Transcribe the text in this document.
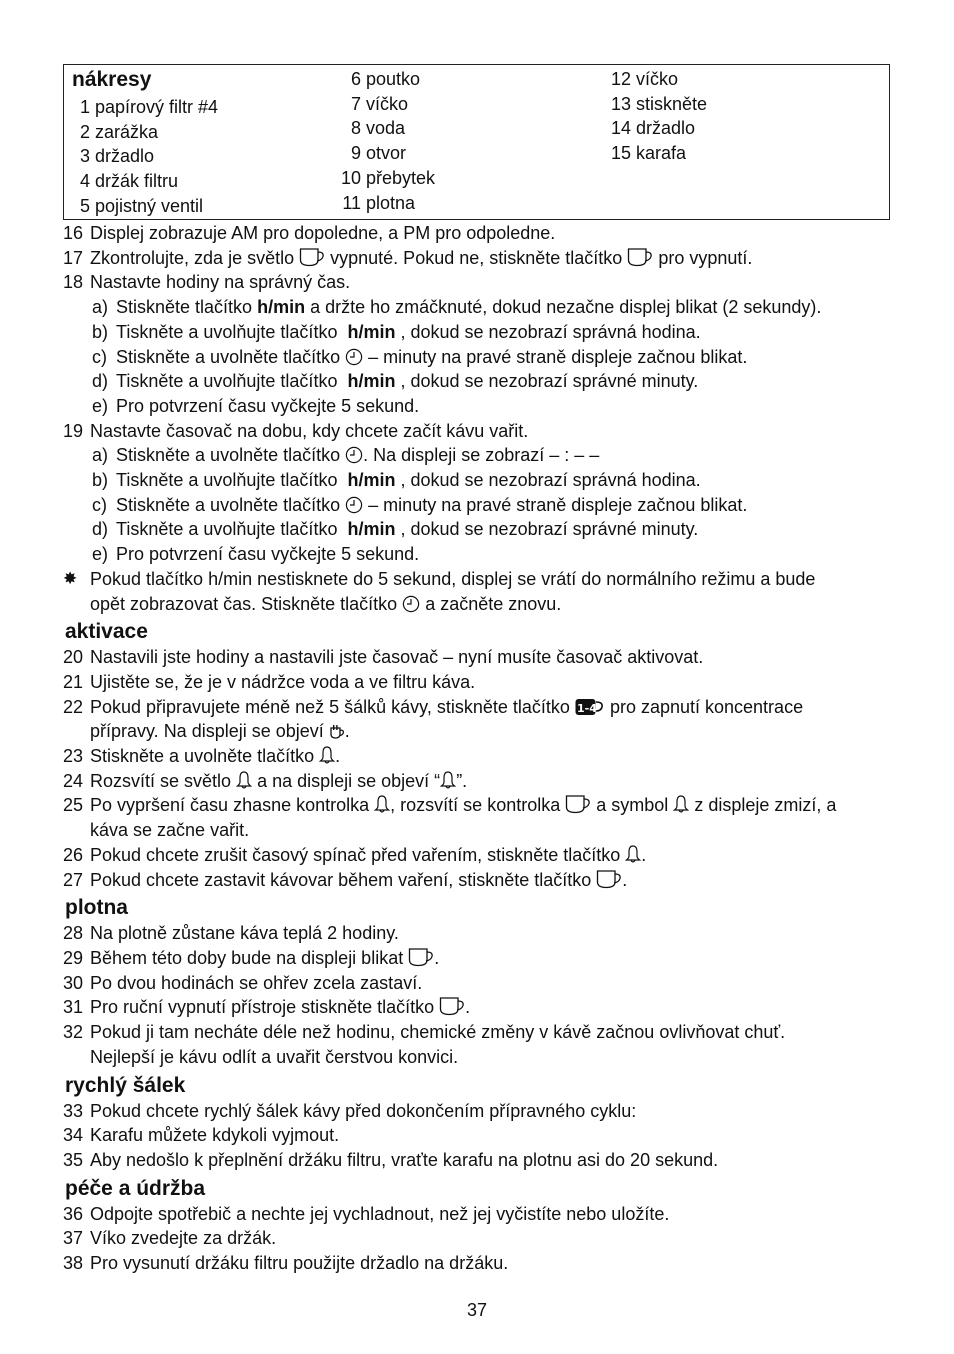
nákresy
1 papírový filtr #4
2 zarážka
3 držadlo
4 držák filtru
5 pojistný ventil
6 poutko
7 víčko
8 voda
9 otvor
10 přebytek
11 plotna
12 víčko
13 stiskněte
14 držadlo
15 karafa
16 Displej zobrazuje AM pro dopoledne, a PM pro odpoledne.
17 Zkontrolujte, zda je světlo vypnuté. Pokud ne, stiskněte tlačítko pro vypnutí.
18 Nastavte hodiny na správný čas.
a) Stiskněte tlačítko h/min a držte ho zmáčknuté, dokud nezačne displej blikat (2 sekundy).
b) Tiskněte a uvolňujte tlačítko h/min , dokud se nezobrazí správná hodina.
c) Stiskněte a uvolněte tlačítko – minuty na pravé straně displeje začnou blikat.
d) Tiskněte a uvolňujte tlačítko h/min , dokud se nezobrazí správné minuty.
e) Pro potvrzení času vyčkejte 5 sekund.
19 Nastavte časovač na dobu, kdy chcete začít kávu vařit.
a) Stiskněte a uvolněte tlačítko . Na displeji se zobrazí – : – –
b) Tiskněte a uvolňujte tlačítko h/min , dokud se nezobrazí správná hodina.
c) Stiskněte a uvolněte tlačítko – minuty na pravé straně displeje začnou blikat.
d) Tiskněte a uvolňujte tlačítko h/min , dokud se nezobrazí správné minuty.
e) Pro potvrzení času vyčkejte 5 sekund.
✸ Pokud tlačítko h/min nestisknete do 5 sekund, displej se vrátí do normálního režimu a bude
opět zobrazovat čas. Stiskněte tlačítko a začněte znovu.
aktivace
20 Nastavili jste hodiny a nastavili jste časovač – nyní musíte časovač aktivovat.
21 Ujistěte se, že je v nádržce voda a ve filtru káva.
22 Pokud připravujete méně než 5 šálků kávy, stiskněte tlačítko 1-4 pro zapnutí koncentrace
přípravy. Na displeji se objeví .
23 Stiskněte a uvolněte tlačítko .
24 Rozsvítí se světlo a na displeji se objeví “ ”.
25 Po vypršení času zhasne kontrolka , rozsvítí se kontrolka a symbol z displeje zmizí, a
káva se začne vařit.
26 Pokud chcete zrušit časový spínač před vařením, stiskněte tlačítko .
27 Pokud chcete zastavit kávovar během vaření, stiskněte tlačítko .
plotna
28 Na plotně zůstane káva teplá 2 hodiny.
29 Během této doby bude na displeji blikat .
30 Po dvou hodinách se ohřev zcela zastaví.
31 Pro ruční vypnutí přístroje stiskněte tlačítko .
32 Pokud ji tam necháte déle než hodinu, chemické změny v kávě začnou ovlivňovat chuť.
Nejlepší je kávu odlít a uvařit čerstvou konvici.
rychlý šálek
33 Pokud chcete rychlý šálek kávy před dokončením přípravného cyklu:
34 Karafu můžete kdykoli vyjmout.
35 Aby nedošlo k přeplnění držáku filtru, vraťte karafu na plotnu asi do 20 sekund.
péče a údržba
36 Odpojte spotřebič a nechte jej vychladnout, než jej vyčistíte nebo uložíte.
37 Víko zvedejte za držák.
38 Pro vysunutí držáku filtru použijte držadlo na držáku.
37
